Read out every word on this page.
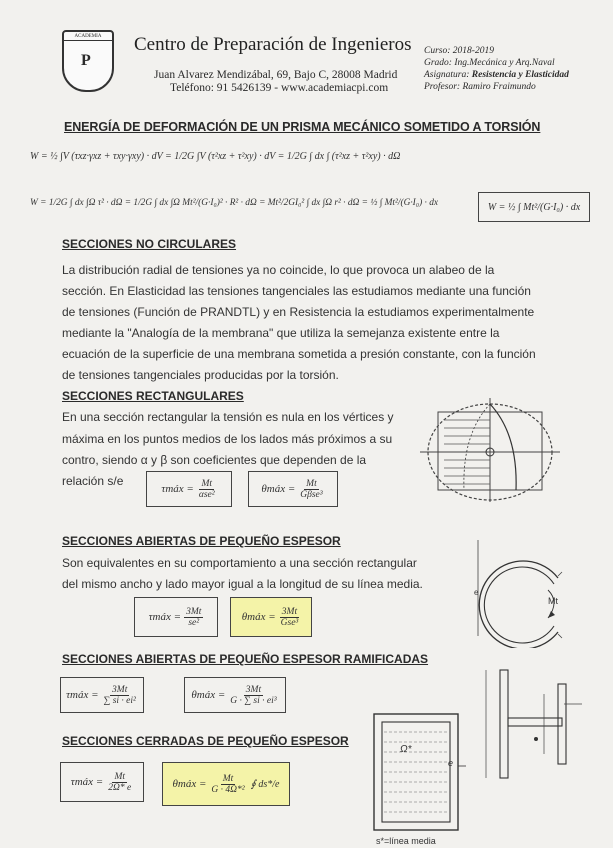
ACADEMIA
P
Centro de Preparación de Ingenieros
Juan Alvarez Mendizábal, 69, Bajo C, 28008 Madrid
Teléfono: 91 5426139 - www.academiacpi.com
Curso: 2018-2019
Grado: Ing.Mecánica y Arq.Naval
Asignatura: Resistencia y Elasticidad
Profesor: Ramiro Fraimundo
ENERGÍA DE DEFORMACIÓN DE UN PRISMA MECÁNICO SOMETIDO A TORSIÓN
W = ½ ∫V (τxz·γxz + τxy·γxy) · dV = 1/2G ∫V (τ²xz + τ²xy) · dV = 1/2G ∫ dx ∫ (τ²xz + τ²xy) · dΩ
W = 1/2G ∫ dx ∫Ω τ² · dΩ = 1/2G ∫ dx ∫Ω Mt²/(G·I₀)² · R² · dΩ = Mt²/2GI₀² ∫ dx ∫Ω r² · dΩ = ½ ∫ Mt²/(G·I₀) · dx	W = ½ ∫ Mt²/(G·I₀) · dx
SECCIONES NO CIRCULARES
La distribución radial de tensiones ya no coincide, lo que provoca un alabeo de la
sección. En Elasticidad las tensiones tangenciales las estudiamos mediante una función
de tensiones (Función de PRANDTL) y en Resistencia la estudiamos experimentalmente
mediante la "Analogía de la membrana" que utiliza la semejanza existente entre la
ecuación de la superficie de una membrana sometida a presión constante, con la función
de tensiones tangenciales producidas por la torsión.
SECCIONES RECTANGULARES
En una sección rectangular la tensión es nula en los vértices y
máxima en los puntos medios de los lados más próximos a su
contro, siendo α y β son coeficientes que dependen de la
relación s/e
τmáx = Mt
αse²	θmáx = Mt
Gβse³
SECCIONES ABIERTAS DE PEQUEÑO ESPESOR
Son equivalentes en su comportamiento a una sección rectangular
del mismo ancho y lado mayor igual a la longitud de su línea media.
τmáx = $\frac{3Mt}{\text{se²}}$	θmáx = 3Mt
Gse³
Mt
e
SECCIONES ABIERTAS DE PEQUEÑO ESPESOR RAMIFICADAS
τmáx = $\frac{3Mt}{\text{∑ si · ei²}}$	θmáx = $\frac{3Mt}{\text{G · ∑ si · ei³}}$
SECCIONES CERRADAS DE PEQUEÑO ESPESOR
τmáx = $\frac{Mt}{2\Omega* e}$	θmáx = $\frac{Mt}{\text{G · 4Ω*²}}$ ∮ ds*/e
Ω*
e
s*=línea media
